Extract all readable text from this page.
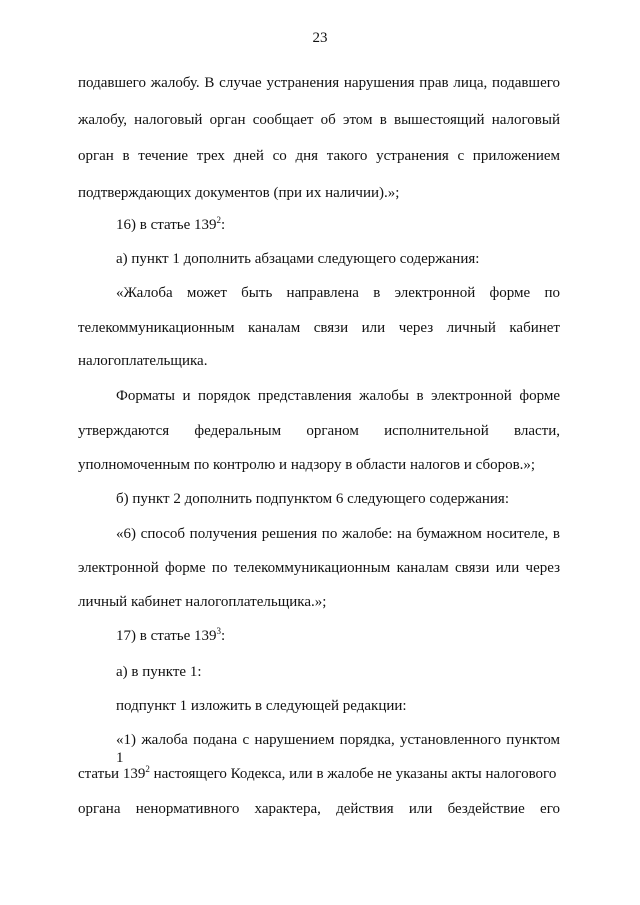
23
подавшего жалобу. В случае устранения нарушения прав лица, подавшего
жалобу, налоговый орган сообщает об этом в вышестоящий налоговый
орган в течение трех дней со дня такого устранения с приложением
подтверждающих документов (при их наличии).»;
16) в статье $139^2$:
а) пункт 1 дополнить абзацами следующего содержания:
«Жалоба может быть направлена в электронной форме по
телекоммуникационным каналам связи или через личный кабинет
налогоплательщика.
Форматы и порядок представления жалобы в электронной форме
утверждаются федеральным органом исполнительной власти,
уполномоченным по контролю и надзору в области налогов и сборов.»;
б) пункт 2 дополнить подпунктом 6 следующего содержания:
«6) способ получения решения по жалобе: на бумажном носителе, в
электронной форме по телекоммуникационным каналам связи или через
личный кабинет налогоплательщика.»;
17) в статье $139^3$:
а) в пункте 1:
подпункт 1 изложить в следующей редакции:
«1) жалоба подана с нарушением порядка, установленного пунктом 1
статьи $139^2$ настоящего Кодекса, или в жалобе не указаны акты налогового
органа ненормативного характера, действия или бездействие его
